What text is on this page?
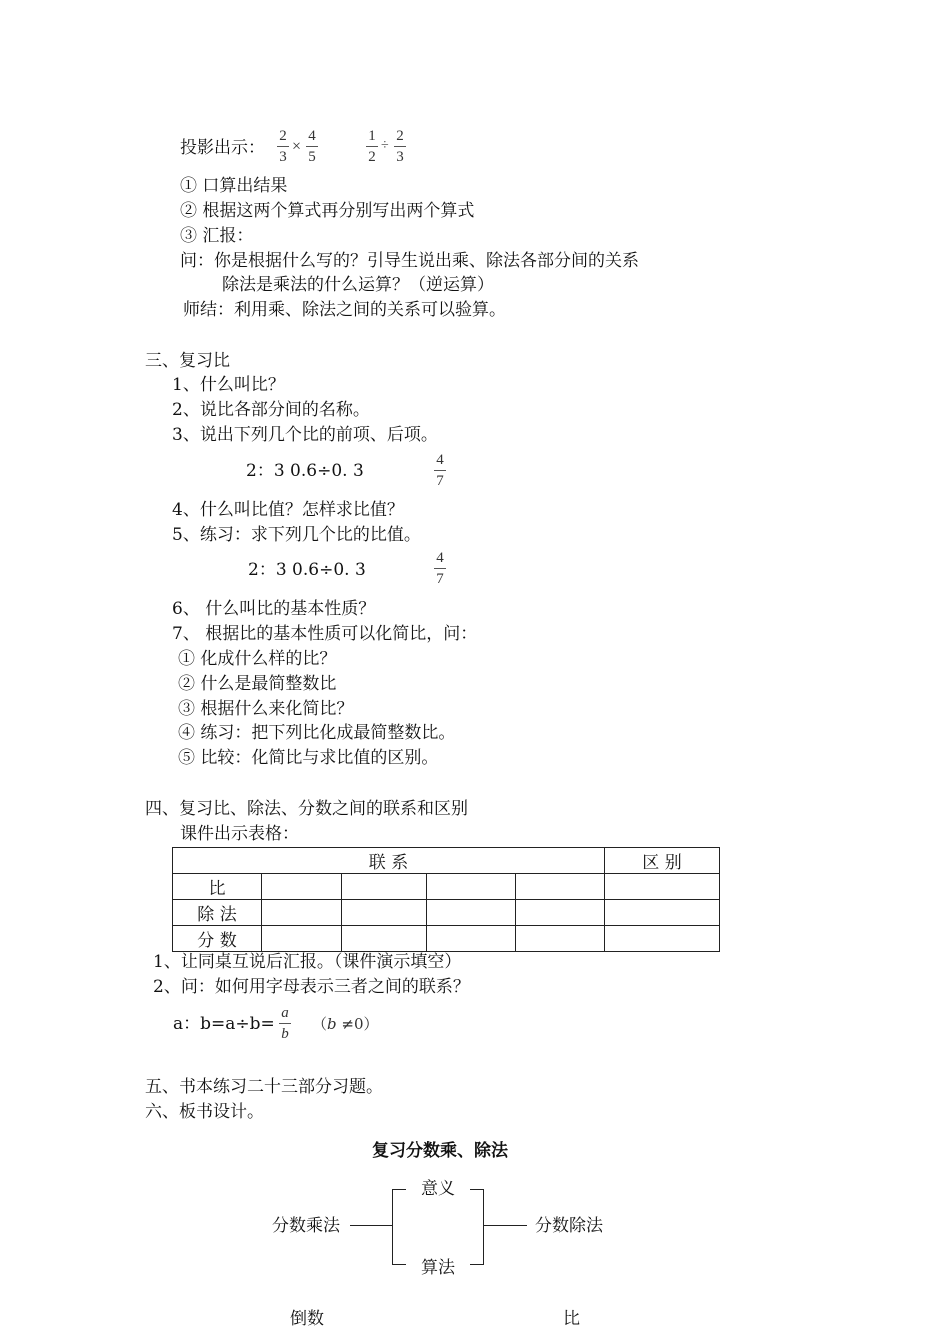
投影出示：
2
3
×
4
5
1
2
÷
2
3
① 口算出结果
② 根据这两个算式再分别写出两个算式
③ 汇报：
问：你是根据什么写的？引导生说出乘、除法各部分间的关系
除法是乘法的什么运算？（逆运算）
师结：利用乘、除法之间的关系可以验算。
三、复习比
1、什么叫比？
2、说比各部分间的名称。
3、说出下列几个比的前项、后项。
2：3 0.6÷0. 3
4
7
4、什么叫比值？怎样求比值？
5、练习：求下列几个比的比值。
2：3 0.6÷0. 3
4
7
6、 什么叫比的基本性质？
7、 根据比的基本性质可以化简比，问：
① 化成什么样的比？
② 什么是最简整数比
③ 根据什么来化简比？
④ 练习：把下列比化成最简整数比。
⑤ 比较：化简比与求比值的区别。
四、复习比、除法、分数之间的联系和区别
课件出示表格：
联 系					区 别
比					
除 法					
分 数					
1、让同桌互说后汇报。（课件演示填空）
2、问：如何用字母表示三者之间的联系？
a：b=a÷b=
a
b
（b ≠0）
五、书本练习二十三部分习题。
六、板书设计。
复习分数乘、除法
分数乘法
意义
算法
分数除法
倒数	比
